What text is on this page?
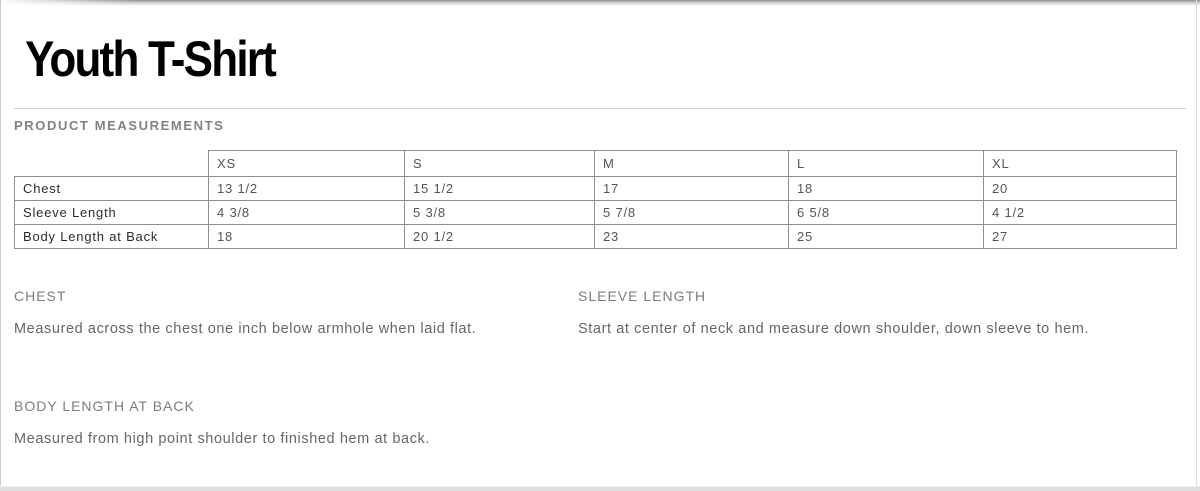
Youth T-Shirt
PRODUCT MEASUREMENTS
	XS	S	M	L	XL
Chest	13 1/2	15 1/2	17	18	20
Sleeve Length	4 3/8	5 3/8	5 7/8	6 5/8	4 1/2
Body Length at Back	18	20 1/2	23	25	27
CHEST
Measured across the chest one inch below armhole when laid flat.
SLEEVE LENGTH
Start at center of neck and measure down shoulder, down sleeve to hem.
BODY LENGTH AT BACK
Measured from high point shoulder to finished hem at back.
